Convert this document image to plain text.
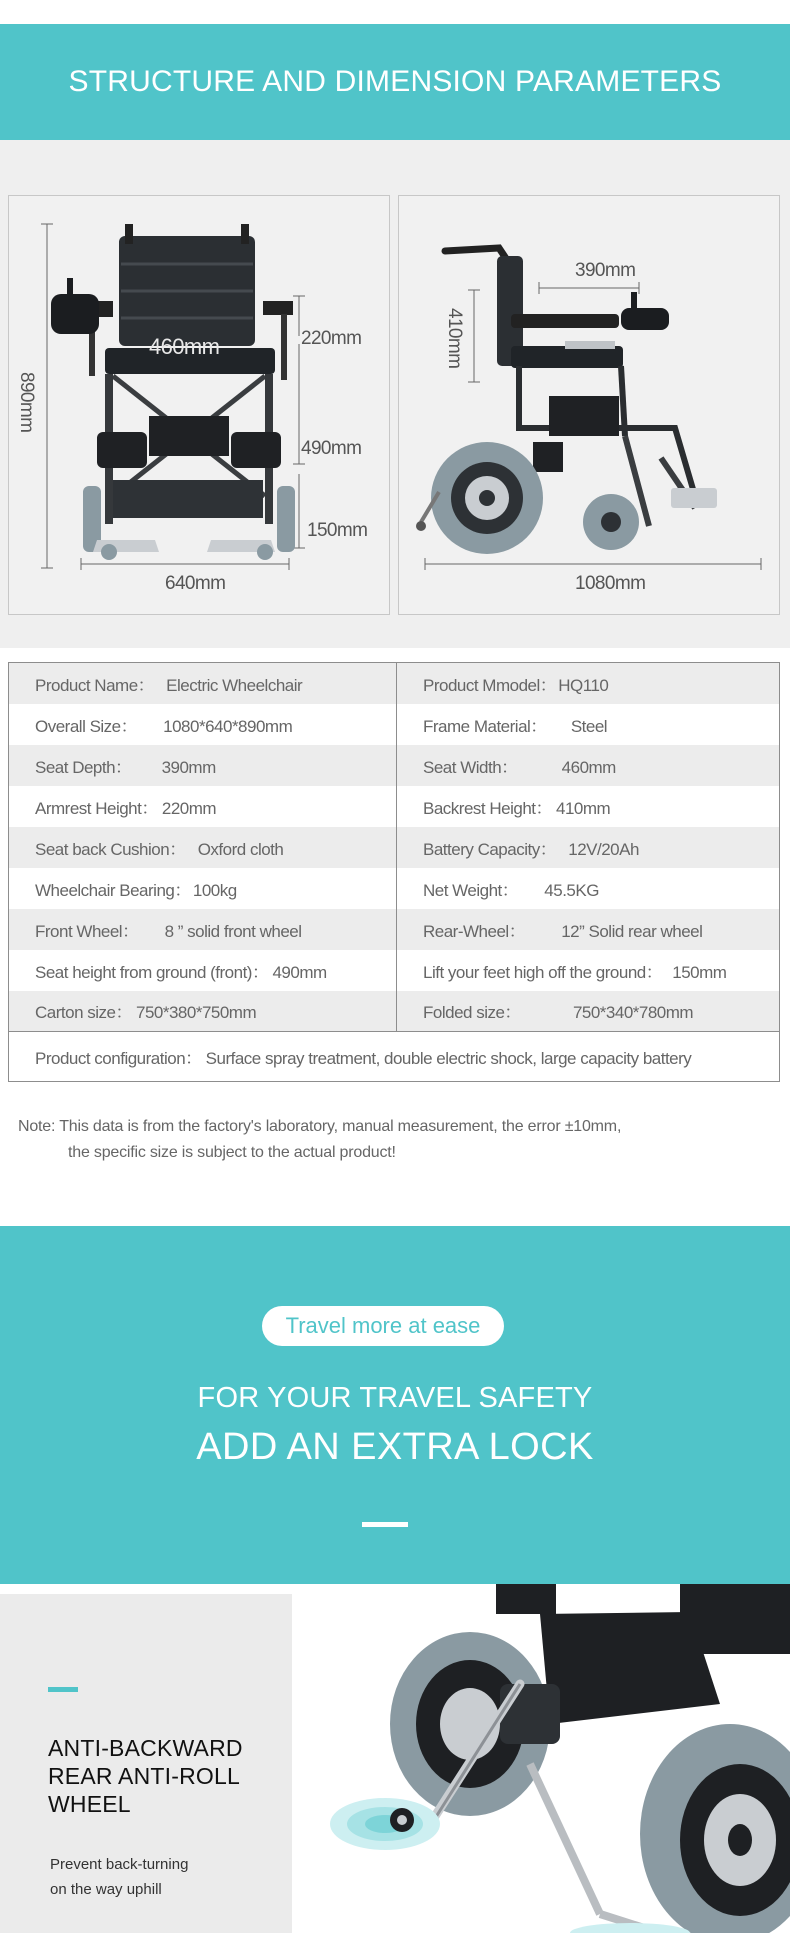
STRUCTURE AND DIMENSION PARAMETERS
460mm
890mm
220mm
490mm
150mm
640mm
390mm
410mm
1080mm
Product Name： Electric Wheelchair	Product Mmodel： HQ110
Overall Size： 1080*640*890mm	Frame Material： Steel
Seat Depth： 390mm	Seat Width： 460mm
Armrest Height： 220mm	Backrest Height： 410mm
Seat back Cushion： Oxford cloth	Battery Capacity： 12V/20Ah
Wheelchair Bearing： 100kg	Net Weight： 45.5KG
Front Wheel： 8 ” solid front wheel	Rear-Wheel： 12” Solid rear wheel
Seat height from ground (front)： 490mm	Lift your feet high off the ground： 150mm
Carton size： 750*380*750mm	Folded size： 750*340*780mm
Product configuration： Surface spray treatment, double electric shock, large capacity battery	
Note: This data is from the factory's laboratory, manual measurement, the error ±10mm,
the specific size is subject to the actual product!
Travel more at ease
FOR YOUR TRAVEL SAFETY
ADD AN EXTRA LOCK
ANTI-BACKWARD
REAR ANTI-ROLL
WHEEL
Prevent back-turning
on the way uphill
